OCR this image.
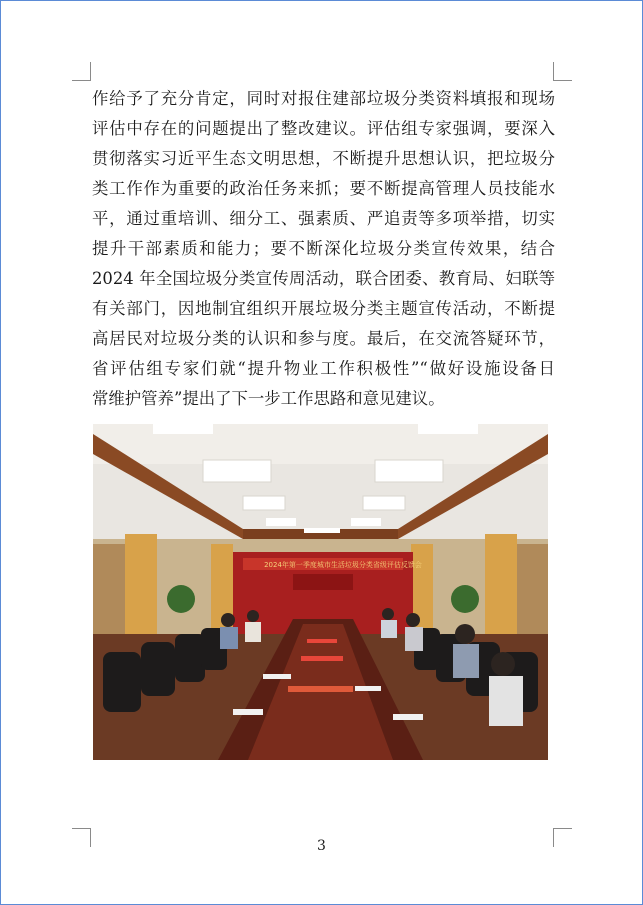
作给予了充分肯定，同时对报住建部垃圾分类资料填报和现场
评估中存在的问题提出了整改建议。评估组专家强调，要深入
贯彻落实习近平生态文明思想，不断提升思想认识，把垃圾分
类工作作为重要的政治任务来抓；要不断提高管理人员技能水
平，通过重培训、细分工、强素质、严追责等多项举措，切实
提升干部素质和能力；要不断深化垃圾分类宣传效果，结合
2024 年全国垃圾分类宣传周活动，联合团委、教育局、妇联等
有关部门，因地制宜组织开展垃圾分类主题宣传活动，不断提
高居民对垃圾分类的认识和参与度。最后，在交流答疑环节，
省评估组专家们就“提升物业工作积极性”“做好设施设备日
常维护管养”提出了下一步工作思路和意见建议。
2024年第一季度城市生活垃圾分类省级评估反馈会
3
